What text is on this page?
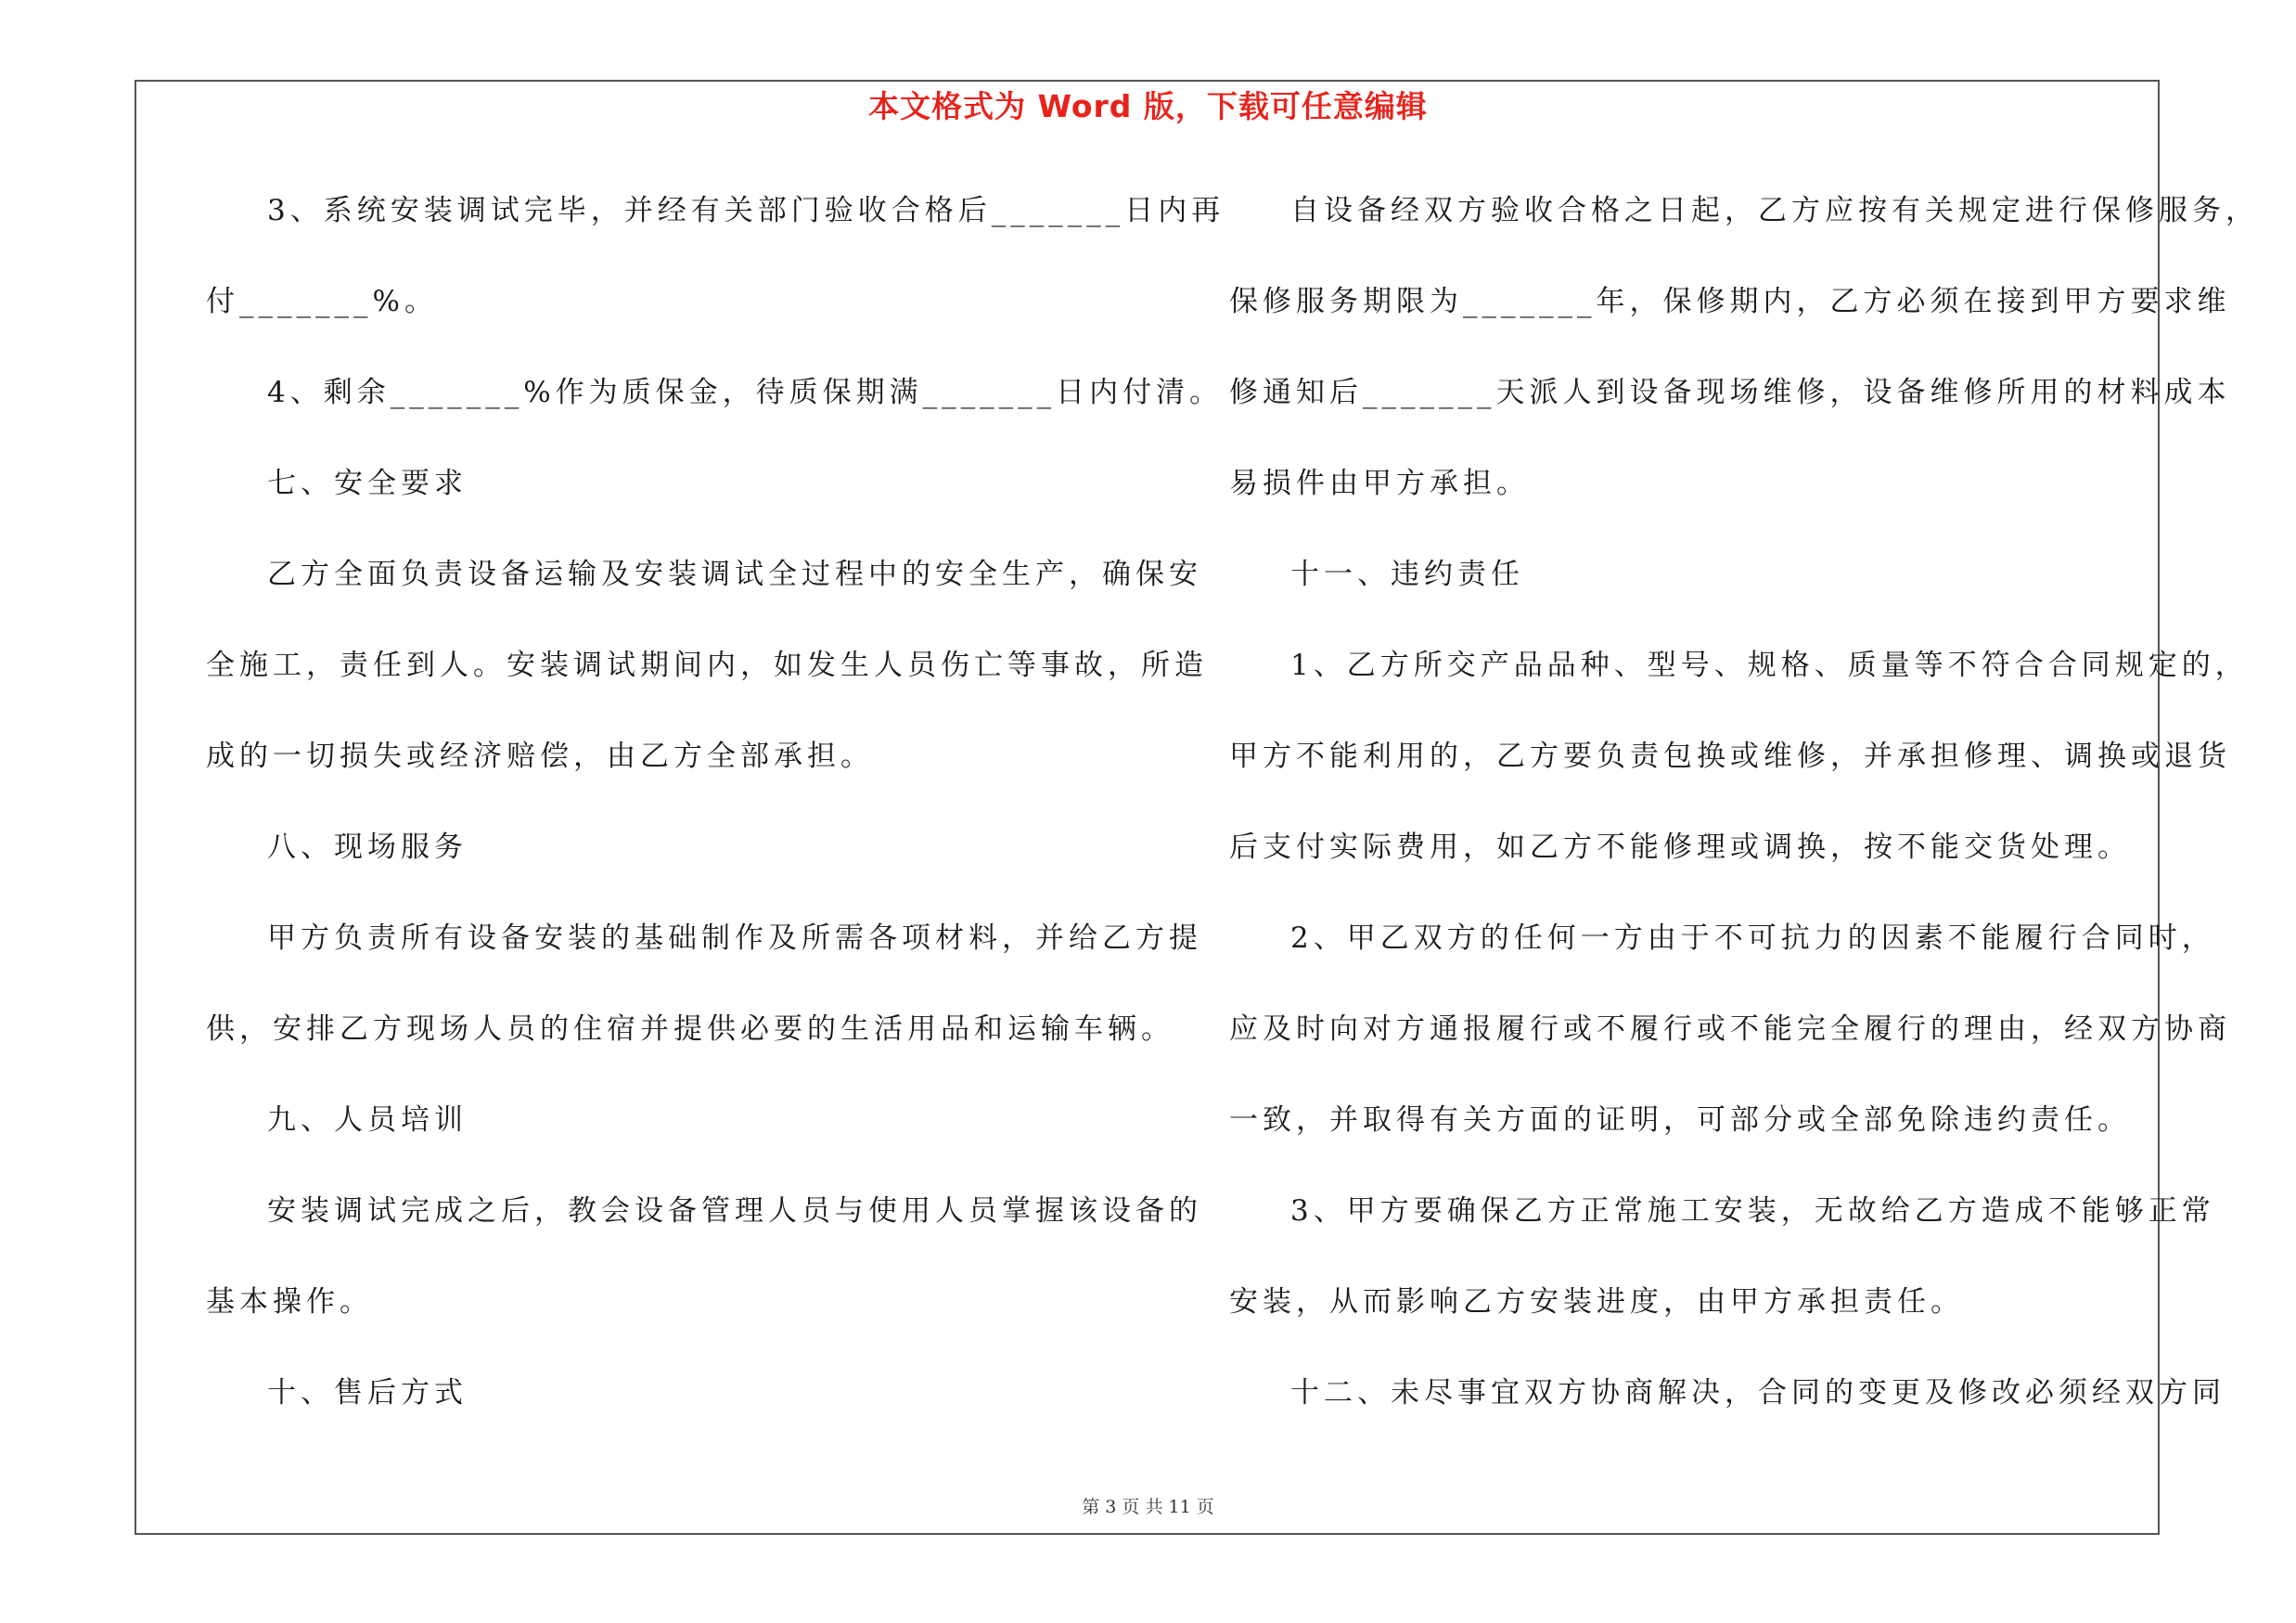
本文格式为 Word 版，下载可任意编辑
3、系统安装调试完毕，并经有关部门验收合格后_______日内再
付_______%。
4、剩余_______%作为质保金，待质保期满_______日内付清。
七、安全要求
乙方全面负责设备运输及安装调试全过程中的安全生产，确保安
全施工，责任到人。安装调试期间内，如发生人员伤亡等事故，所造
成的一切损失或经济赔偿，由乙方全部承担。
八、现场服务
甲方负责所有设备安装的基础制作及所需各项材料，并给乙方提
供，安排乙方现场人员的住宿并提供必要的生活用品和运输车辆。
九、人员培训
安装调试完成之后，教会设备管理人员与使用人员掌握该设备的
基本操作。
十、售后方式
自设备经双方验收合格之日起，乙方应按有关规定进行保修服务，
保修服务期限为_______年，保修期内，乙方必须在接到甲方要求维
修通知后_______天派人到设备现场维修，设备维修所用的材料成本
易损件由甲方承担。
十一、违约责任
1、乙方所交产品品种、型号、规格、质量等不符合合同规定的，
甲方不能利用的，乙方要负责包换或维修，并承担修理、调换或退货
后支付实际费用，如乙方不能修理或调换，按不能交货处理。
2、甲乙双方的任何一方由于不可抗力的因素不能履行合同时，
应及时向对方通报履行或不履行或不能完全履行的理由，经双方协商
一致，并取得有关方面的证明，可部分或全部免除违约责任。
3、甲方要确保乙方正常施工安装，无故给乙方造成不能够正常
安装，从而影响乙方安装进度，由甲方承担责任。
十二、未尽事宜双方协商解决，合同的变更及修改必须经双方同
第 3 页 共 11 页
